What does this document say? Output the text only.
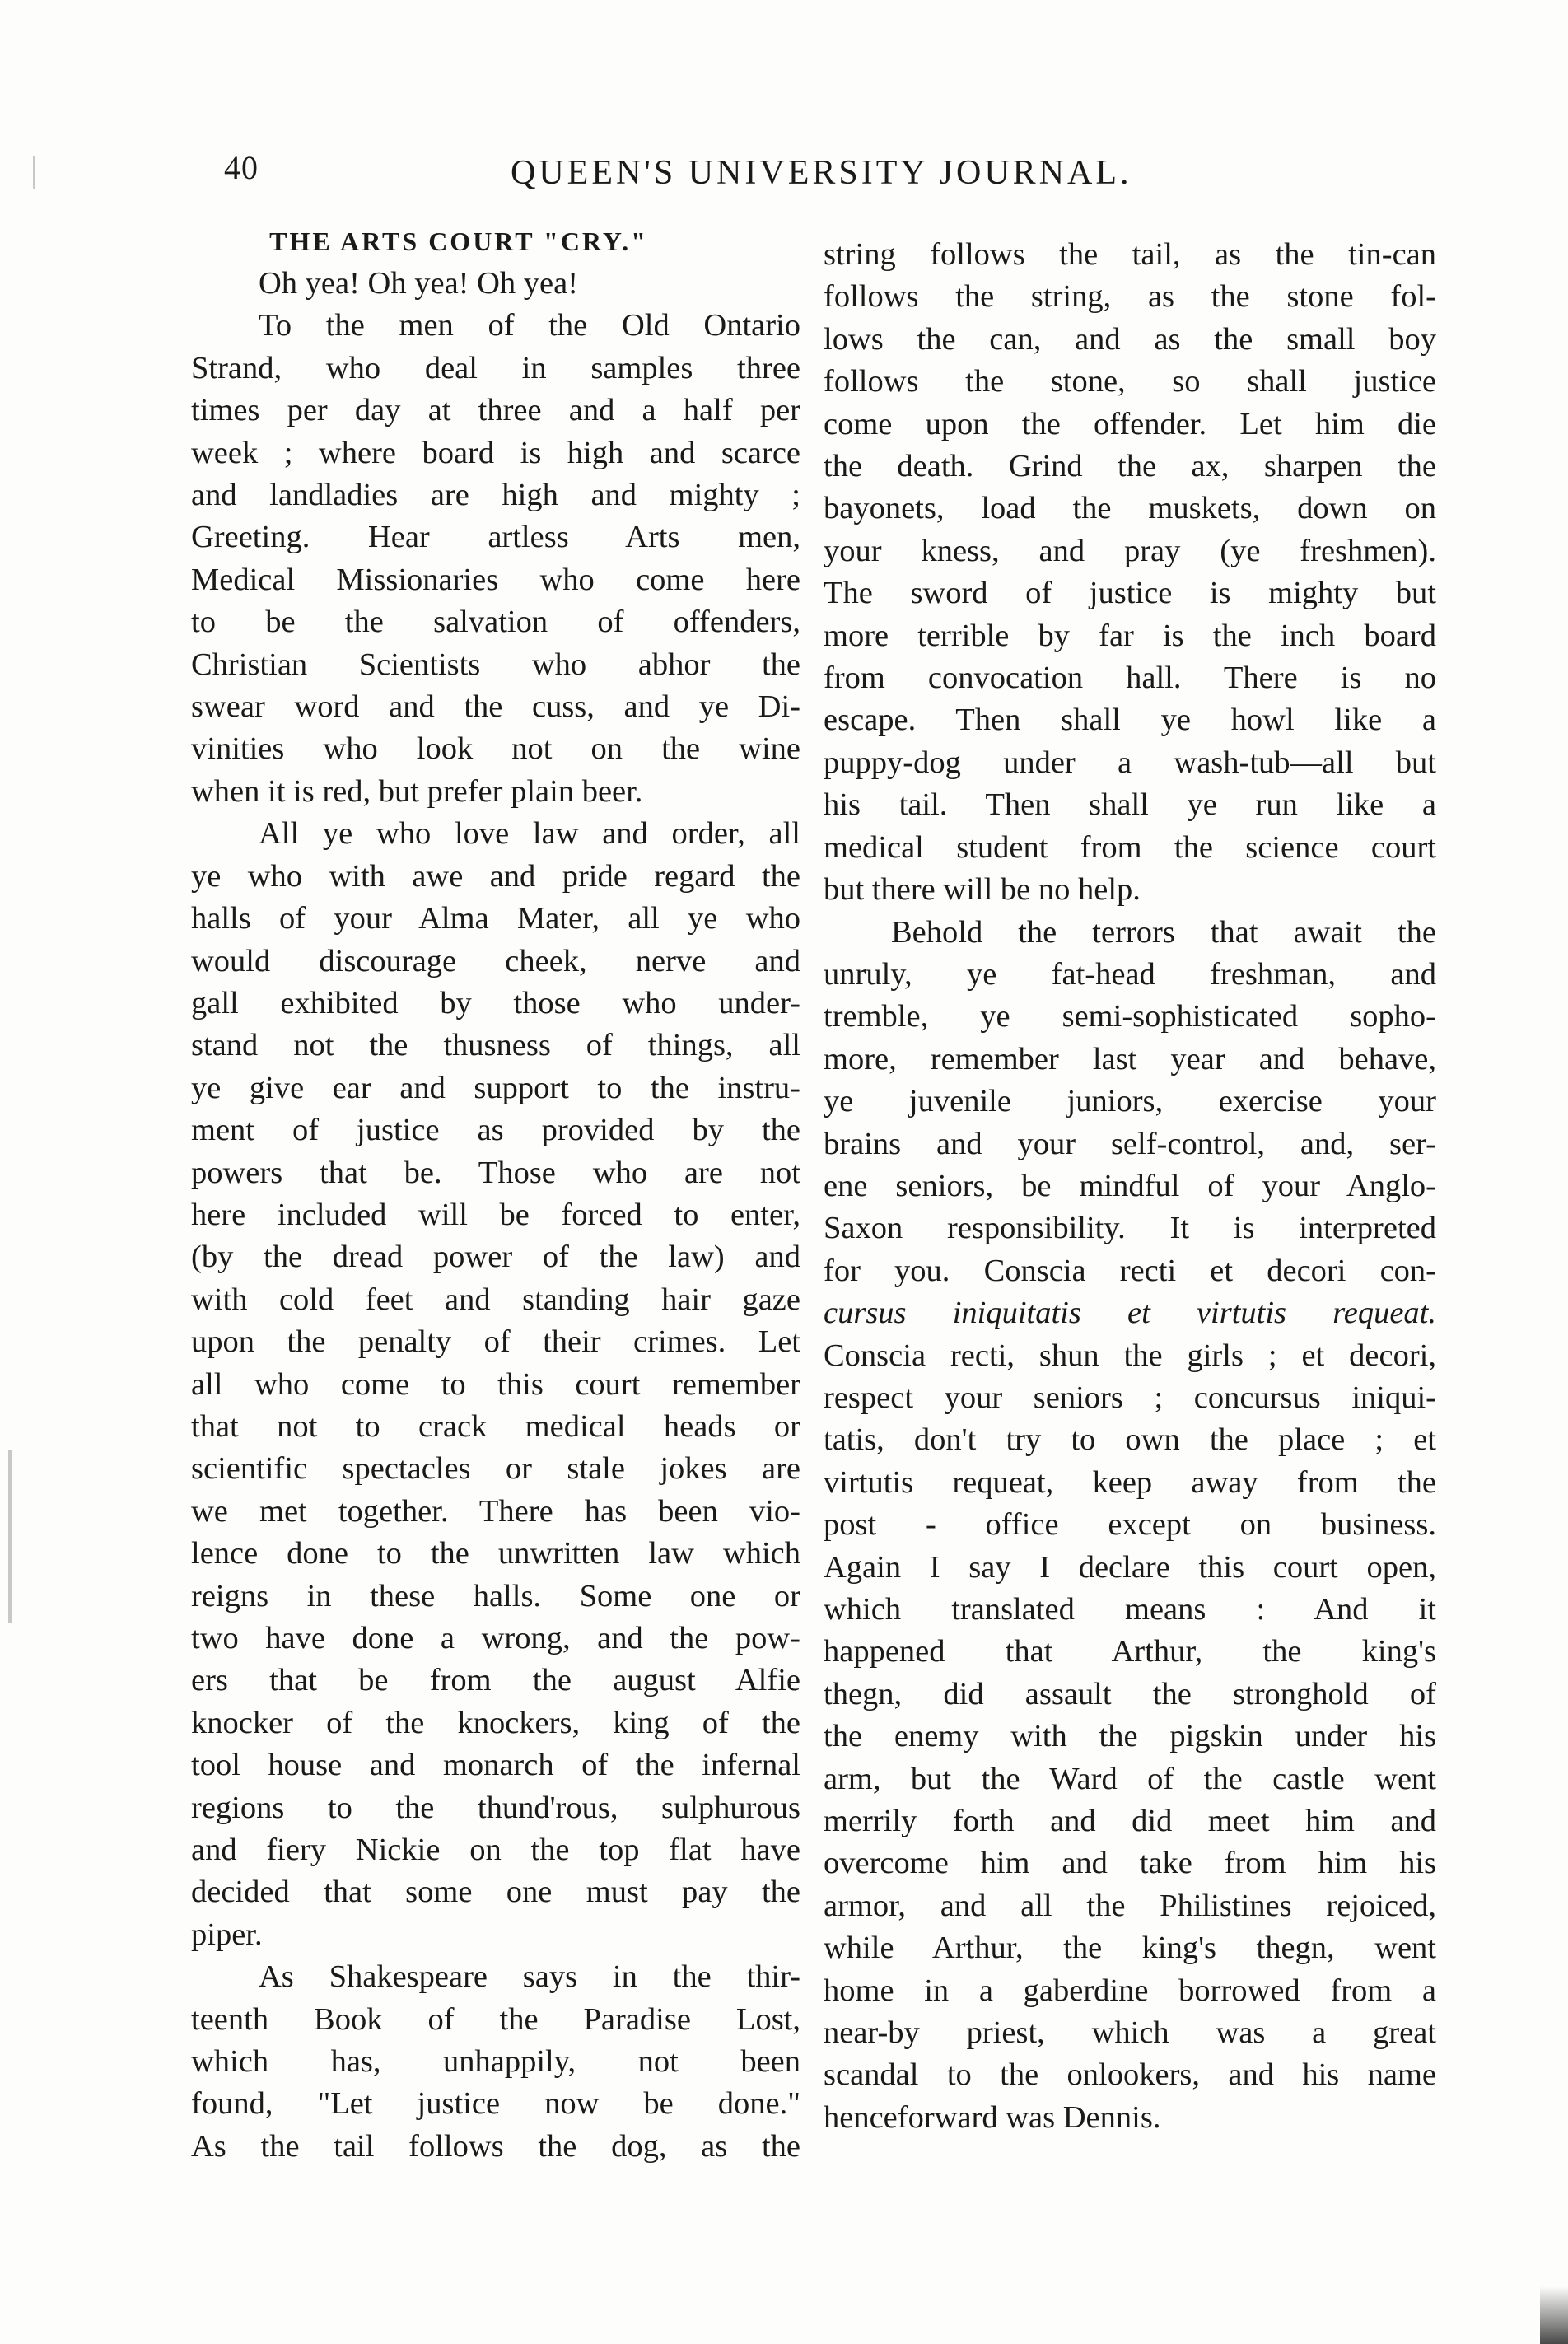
40	QUEEN'S UNIVERSITY JOURNAL.
THE ARTS COURT "CRY."
Oh yea! Oh yea! Oh yea!
To the men of the Old Ontario
Strand, who deal in samples three
times per day at three and a half per
week ; where board is high and scarce
and landladies are high and mighty ;
Greeting. Hear artless Arts men,
Medical Missionaries who come here
to be the salvation of offenders,
Christian Scientists who abhor the
swear word and the cuss, and ye Di-
vinities who look not on the wine
when it is red, but prefer plain beer.
All ye who love law and order, all
ye who with awe and pride regard the
halls of your Alma Mater, all ye who
would discourage cheek, nerve and
gall exhibited by those who under-
stand not the thusness of things, all
ye give ear and support to the instru-
ment of justice as provided by the
powers that be. Those who are not
here included will be forced to enter,
(by the dread power of the law) and
with cold feet and standing hair gaze
upon the penalty of their crimes. Let
all who come to this court remember
that not to crack medical heads or
scientific spectacles or stale jokes are
we met together. There has been vio-
lence done to the unwritten law which
reigns in these halls. Some one or
two have done a wrong, and the pow-
ers that be from the august Alfie
knocker of the knockers, king of the
tool house and monarch of the infernal
regions to the thund'rous, sulphurous
and fiery Nickie on the top flat have
decided that some one must pay the
piper.
As Shakespeare says in the thir-
teenth Book of the Paradise Lost,
which has, unhappily, not been
found, "Let justice now be done."
As the tail follows the dog, as the
string follows the tail, as the tin-can
follows the string, as the stone fol-
lows the can, and as the small boy
follows the stone, so shall justice
come upon the offender. Let him die
the death. Grind the ax, sharpen the
bayonets, load the muskets, down on
your kness, and pray (ye freshmen).
The sword of justice is mighty but
more terrible by far is the inch board
from convocation hall. There is no
escape. Then shall ye howl like a
puppy-dog under a wash-tub—all but
his tail. Then shall ye run like a
medical student from the science court
but there will be no help.
Behold the terrors that await the
unruly, ye fat-head freshman, and
tremble, ye semi-sophisticated sopho-
more, remember last year and behave,
ye juvenile juniors, exercise your
brains and your self-control, and, ser-
ene seniors, be mindful of your Anglo-
Saxon responsibility. It is interpreted
for you. Conscia recti et decori con-
cursus iniquitatis et virtutis requeat.
Conscia recti, shun the girls ; et decori,
respect your seniors ; concursus iniqui-
tatis, don't try to own the place ; et
virtutis requeat, keep away from the
post - office except on business.
Again I say I declare this court open,
which translated means : And it
happened that Arthur, the king's
thegn, did assault the stronghold of
the enemy with the pigskin under his
arm, but the Ward of the castle went
merrily forth and did meet him and
overcome him and take from him his
armor, and all the Philistines rejoiced,
while Arthur, the king's thegn, went
home in a gaberdine borrowed from a
near-by priest, which was a great
scandal to the onlookers, and his name
henceforward was Dennis.
